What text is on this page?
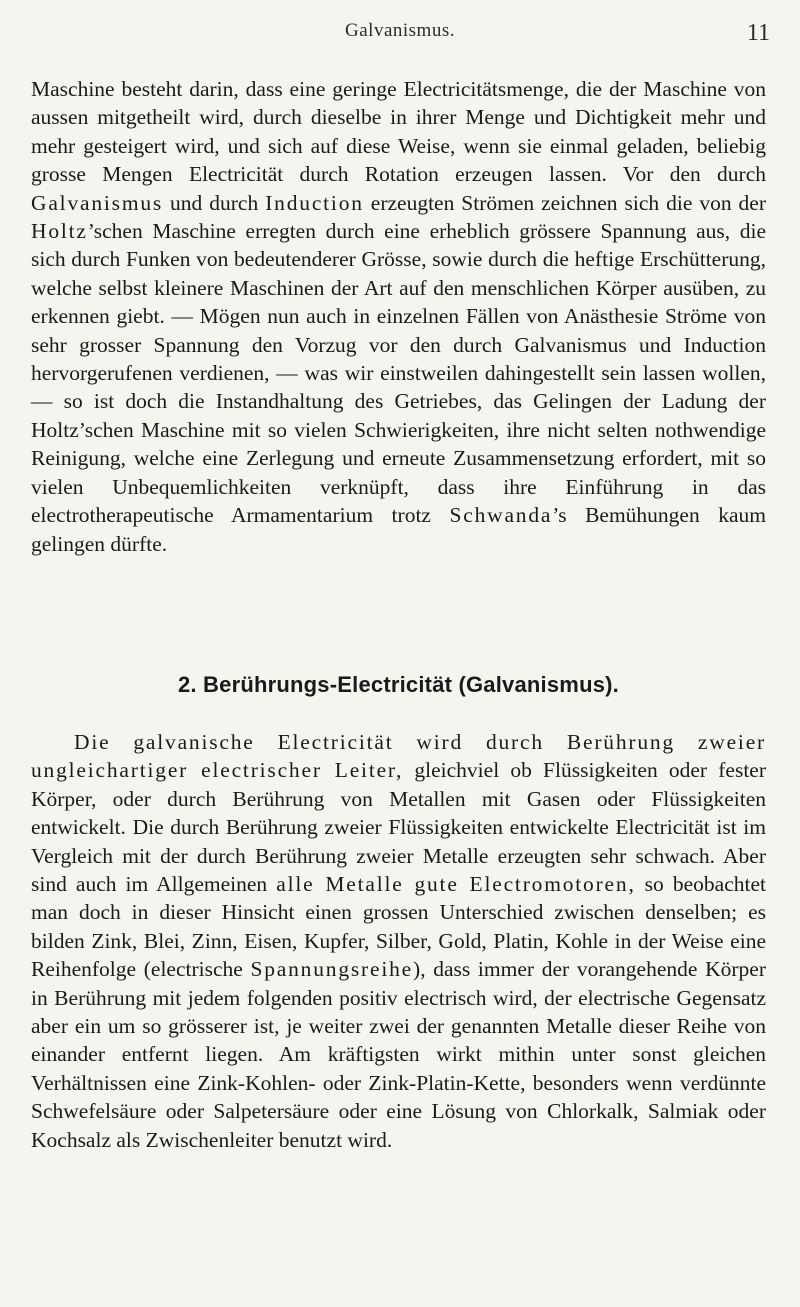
Galvanismus.	11

Maschine besteht darin, dass eine geringe Electricitätsmenge, die der Maschine von aussen mitgetheilt wird, durch dieselbe in ihrer Menge und Dichtigkeit mehr und mehr gesteigert wird, und sich auf diese Weise, wenn sie einmal geladen, beliebig grosse Mengen Electricität durch Rotation erzeugen lassen. Vor den durch Galvanismus und durch Induction erzeugten Strömen zeichnen sich die von der Holtz’schen Maschine erregten durch eine erheblich grössere Spannung aus, die sich durch Funken von bedeutenderer Grösse, sowie durch die heftige Erschütterung, welche selbst kleinere Maschinen der Art auf den menschlichen Körper ausüben, zu erkennen giebt. — Mögen nun auch in einzelnen Fällen von Anästhesie Ströme von sehr grosser Spannung den Vorzug vor den durch Galvanismus und Induction hervorgerufenen verdienen, — was wir einstweilen dahingestellt sein lassen wollen, — so ist doch die Instandhaltung des Getriebes, das Gelingen der Ladung der Holtz’schen Maschine mit so vielen Schwierigkeiten, ihre nicht selten nothwendige Reinigung, welche eine Zerlegung und erneute Zusammensetzung erfordert, mit so vielen Unbequemlichkeiten verknüpft, dass ihre Einführung in das electrotherapeutische Armamentarium trotz Schwanda’s Bemühungen kaum gelingen dürfte.

2. Berührungs-Electricität (Galvanismus).

Die galvanische Electricität wird durch Berührung zweier ungleichartiger electrischer Leiter, gleichviel ob Flüssigkeiten oder fester Körper, oder durch Berührung von Metallen mit Gasen oder Flüssigkeiten entwickelt. Die durch Berührung zweier Flüssigkeiten entwickelte Electricität ist im Vergleich mit der durch Berührung zweier Metalle erzeugten sehr schwach. Aber sind auch im Allgemeinen alle Metalle gute Electromotoren, so beobachtet man doch in dieser Hinsicht einen grossen Unterschied zwischen denselben; es bilden Zink, Blei, Zinn, Eisen, Kupfer, Silber, Gold, Platin, Kohle in der Weise eine Reihenfolge (electrische Spannungsreihe), dass immer der vorangehende Körper in Berührung mit jedem folgenden positiv electrisch wird, der electrische Gegensatz aber ein um so grösserer ist, je weiter zwei der genannten Metalle dieser Reihe von einander entfernt liegen. Am kräftigsten wirkt mithin unter sonst gleichen Verhältnissen eine Zink-Kohlen- oder Zink-Platin-Kette, besonders wenn verdünnte Schwefelsäure oder Salpetersäure oder eine Lösung von Chlorkalk, Salmiak oder Kochsalz als Zwischenleiter benutzt wird.
